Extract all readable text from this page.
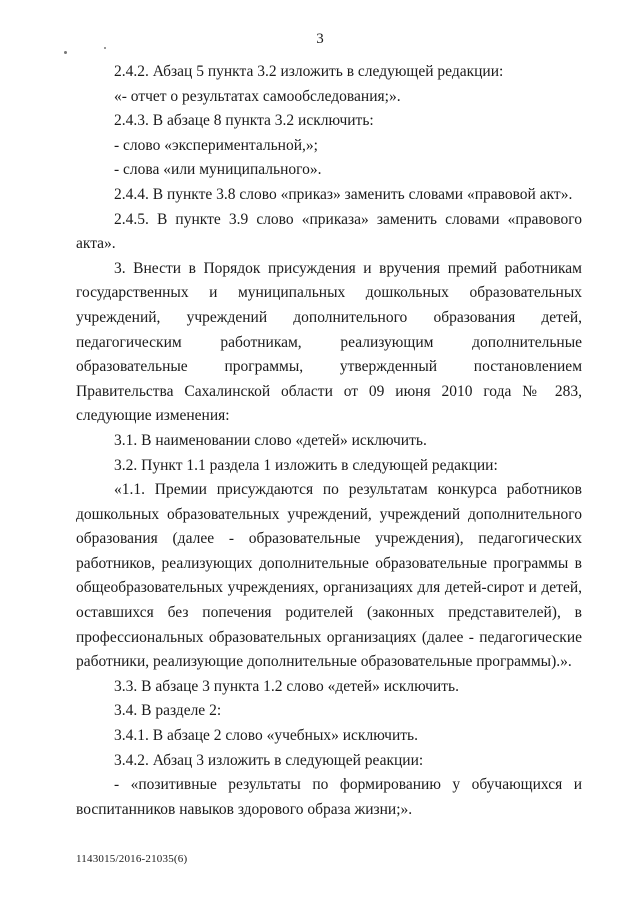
3

2.4.2. Абзац 5 пункта 3.2 изложить в следующей редакции:

«- отчет о результатах самообследования;».

2.4.3. В абзаце 8 пункта 3.2 исключить:

- слово «экспериментальной,»;

- слова «или муниципального».

2.4.4. В пункте 3.8 слово «приказ» заменить словами «правовой акт».

2.4.5. В пункте 3.9 слово «приказа» заменить словами «правового акта».

3. Внести в Порядок присуждения и вручения премий работникам государственных и муниципальных дошкольных образовательных учреждений, учреждений дополнительного образования детей, педагогическим работникам, реализующим дополнительные образовательные программы, утвержденный постановлением Правительства Сахалинской области от 09 июня 2010 года № 283, следующие изменения:

3.1. В наименовании слово «детей» исключить.

3.2. Пункт 1.1 раздела 1 изложить в следующей редакции:

«1.1. Премии присуждаются по результатам конкурса работников дошкольных образовательных учреждений, учреждений дополнительного образования (далее - образовательные учреждения), педагогических работников, реализующих дополнительные образовательные программы в общеобразовательных учреждениях, организациях для детей-сирот и детей, оставшихся без попечения родителей (законных представителей), в профессиональных образовательных организациях (далее - педагогические работники, реализующие дополнительные образовательные программы).».

3.3. В абзаце 3 пункта 1.2 слово «детей» исключить.

3.4. В разделе 2:

3.4.1. В абзаце 2 слово «учебных» исключить.

3.4.2. Абзац 3 изложить в следующей реакции:

- «позитивные результаты по формированию у обучающихся и воспитанников навыков здорового образа жизни;».

1143015/2016-21035(6)
